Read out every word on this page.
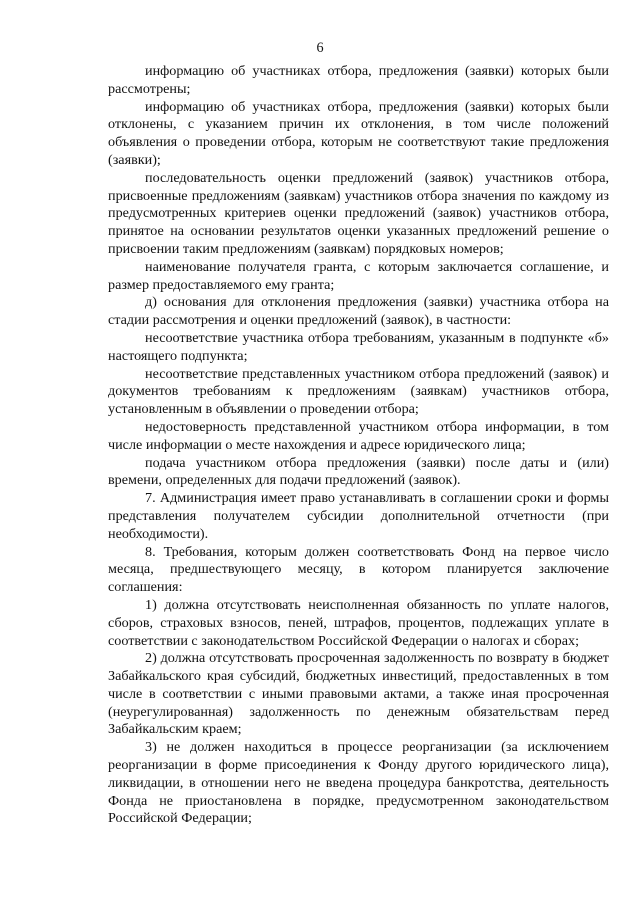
6

информацию об участниках отбора, предложения (заявки) которых были рассмотрены;

информацию об участниках отбора, предложения (заявки) которых были отклонены, с указанием причин их отклонения, в том числе положений объявления о проведении отбора, которым не соответствуют такие предложения (заявки);

последовательность оценки предложений (заявок) участников отбора, присвоенные предложениям (заявкам) участников отбора значения по каждому из предусмотренных критериев оценки предложений (заявок) участников отбора, принятое на основании результатов оценки указанных предложений решение о присвоении таким предложениям (заявкам) порядковых номеров;

наименование получателя гранта, с которым заключается соглашение, и размер предоставляемого ему гранта;

д) основания для отклонения предложения (заявки) участника отбора на стадии рассмотрения и оценки предложений (заявок), в частности:

несоответствие участника отбора требованиям, указанным в подпункте «б» настоящего подпункта;

несоответствие представленных участником отбора предложений (заявок) и документов требованиям к предложениям (заявкам) участников отбора, установленным в объявлении о проведении отбора;

недостоверность представленной участником отбора информации, в том числе информации о месте нахождения и адресе юридического лица;

подача участником отбора предложения (заявки) после даты и (или) времени, определенных для подачи предложений (заявок).

7. Администрация имеет право устанавливать в соглашении сроки и формы представления получателем субсидии дополнительной отчетности (при необходимости).

8. Требования, которым должен соответствовать Фонд на первое число месяца, предшествующего месяцу, в котором планируется заключение соглашения:

1) должна отсутствовать неисполненная обязанность по уплате налогов, сборов, страховых взносов, пеней, штрафов, процентов, подлежащих уплате в соответствии с законодательством Российской Федерации о налогах и сборах;

2) должна отсутствовать просроченная задолженность по возврату в бюджет Забайкальского края субсидий, бюджетных инвестиций, предоставленных в том числе в соответствии с иными правовыми актами, а также иная просроченная (неурегулированная) задолженность по денежным обязательствам перед Забайкальским краем;

3) не должен находиться в процессе реорганизации (за исключением реорганизации в форме присоединения к Фонду другого юридического лица), ликвидации, в отношении него не введена процедура банкротства, деятельность Фонда не приостановлена в порядке, предусмотренном законодательством Российской Федерации;
